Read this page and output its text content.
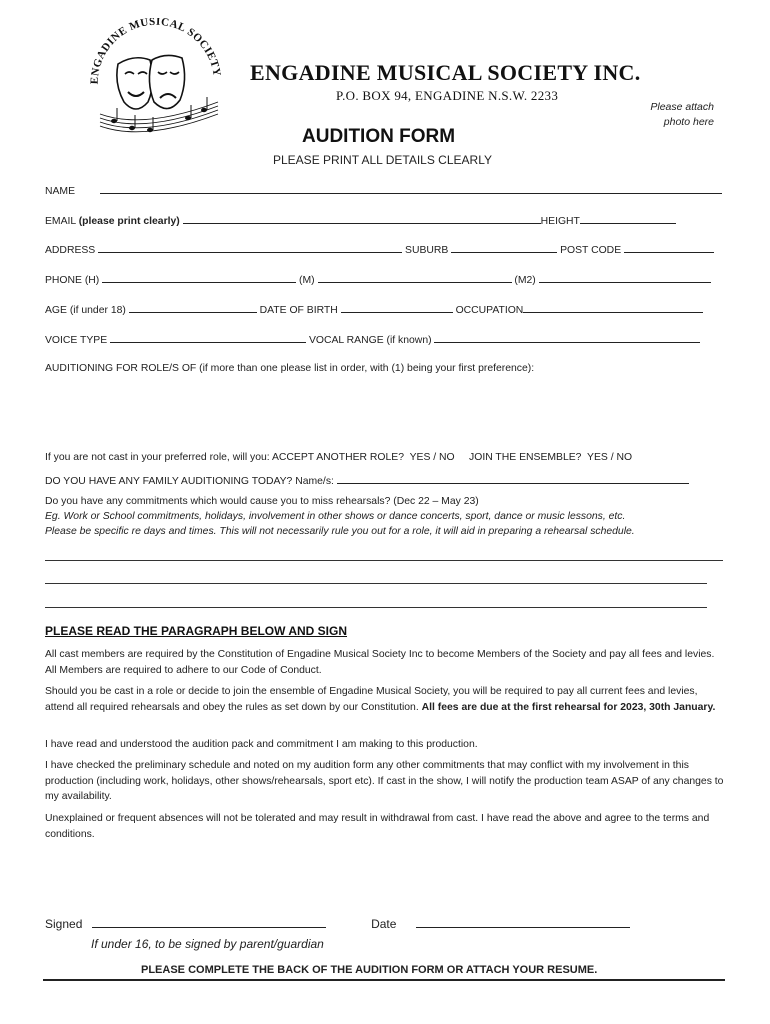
ENGADINE MUSICAL SOCIETY ENGADINE MUSICAL SOCIETY INC.
P.O. BOX 94, ENGADINE N.S.W. 2233
Please attach
photo here
AUDITION FORM
PLEASE PRINT ALL DETAILS CLEARLY
NAME
EMAIL (please print clearly)	HEIGHT
ADDRESS	SUBURB	POST CODE
PHONE (H)	(M)	(M2)
AGE (if under 18)	DATE OF BIRTH	OCCUPATION
VOICE TYPE	VOCAL RANGE (if known)
AUDITIONING FOR ROLE/S OF (if more than one please list in order, with (1) being your first preference):
If you are not cast in your preferred role, will you: ACCEPT ANOTHER ROLE?  YES / NO     JOIN THE ENSEMBLE?  YES / NO
DO YOU HAVE ANY FAMILY AUDITIONING TODAY? Name/s:
Do you have any commitments which would cause you to miss rehearsals? (Dec 22 – May 23)
Eg. Work or School commitments, holidays, involvement in other shows or dance concerts, sport, dance or music lessons, etc.
Please be specific re days and times. This will not necessarily rule you out for a role, it will aid in preparing a rehearsal schedule.
PLEASE READ THE PARAGRAPH BELOW AND SIGN
All cast members are required by the Constitution of Engadine Musical Society Inc to become Members of the Society and pay all fees and levies. All Members are required to adhere to our Code of Conduct.
Should you be cast in a role or decide to join the ensemble of Engadine Musical Society, you will be required to pay all current fees and levies, attend all required rehearsals and obey the rules as set down by our Constitution. All fees are due at the first rehearsal for 2023, 30th January.
I have read and understood the audition pack and commitment I am making to this production.
I have checked the preliminary schedule and noted on my audition form any other commitments that may conflict with my involvement in this production (including work, holidays, other shows/rehearsals, sport etc). If cast in the show, I will notify the production team ASAP of any changes to my availability.
Unexplained or frequent absences will not be tolerated and may result in withdrawal from cast. I have read the above and agree to the terms and conditions.
Signed	Date
If under 16, to be signed by parent/guardian
PLEASE COMPLETE THE BACK OF THE AUDITION FORM OR ATTACH YOUR RESUME.
